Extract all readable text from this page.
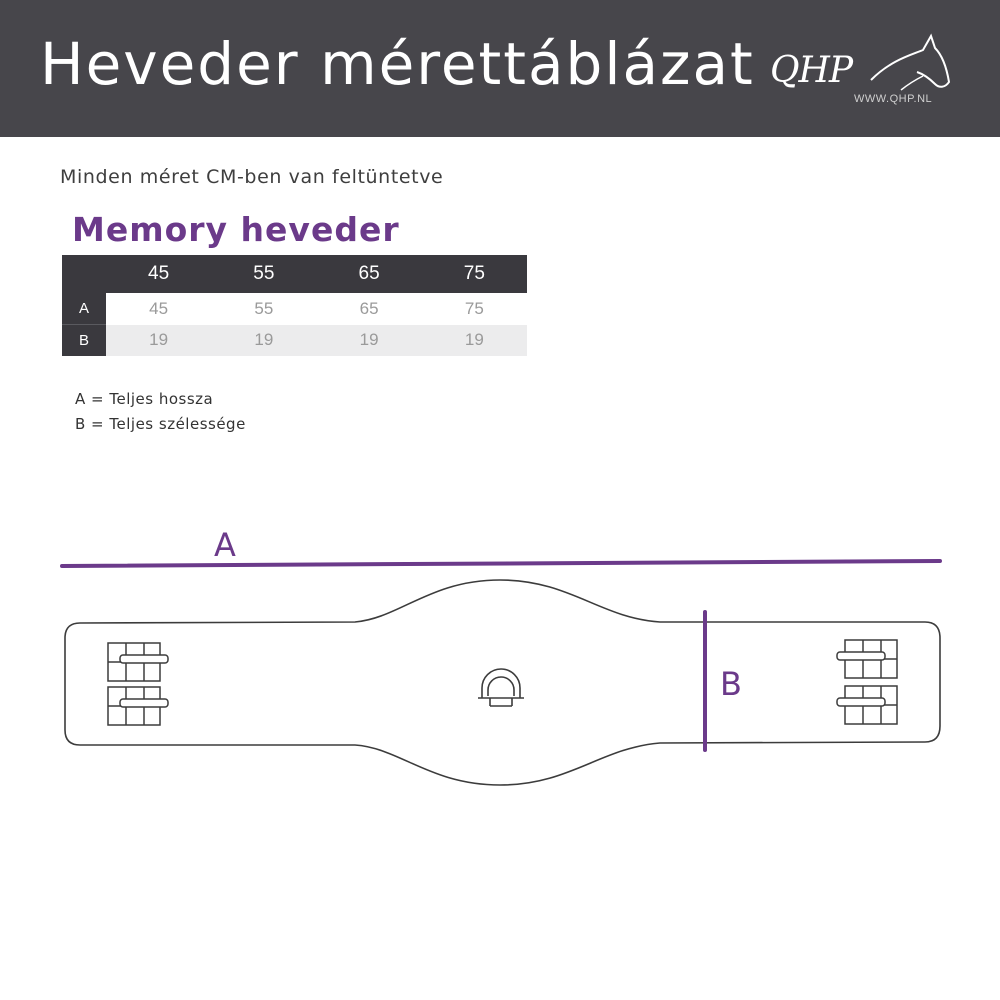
Heveder mérettáblázat QHP
WWW.QHP.NL
Minden méret CM-ben van feltüntetve
Memory heveder
	45	55	65	75
A	45	55	65	75
B	19	19	19	19
A = Teljes hossza
B = Teljes szélessége
A
B
